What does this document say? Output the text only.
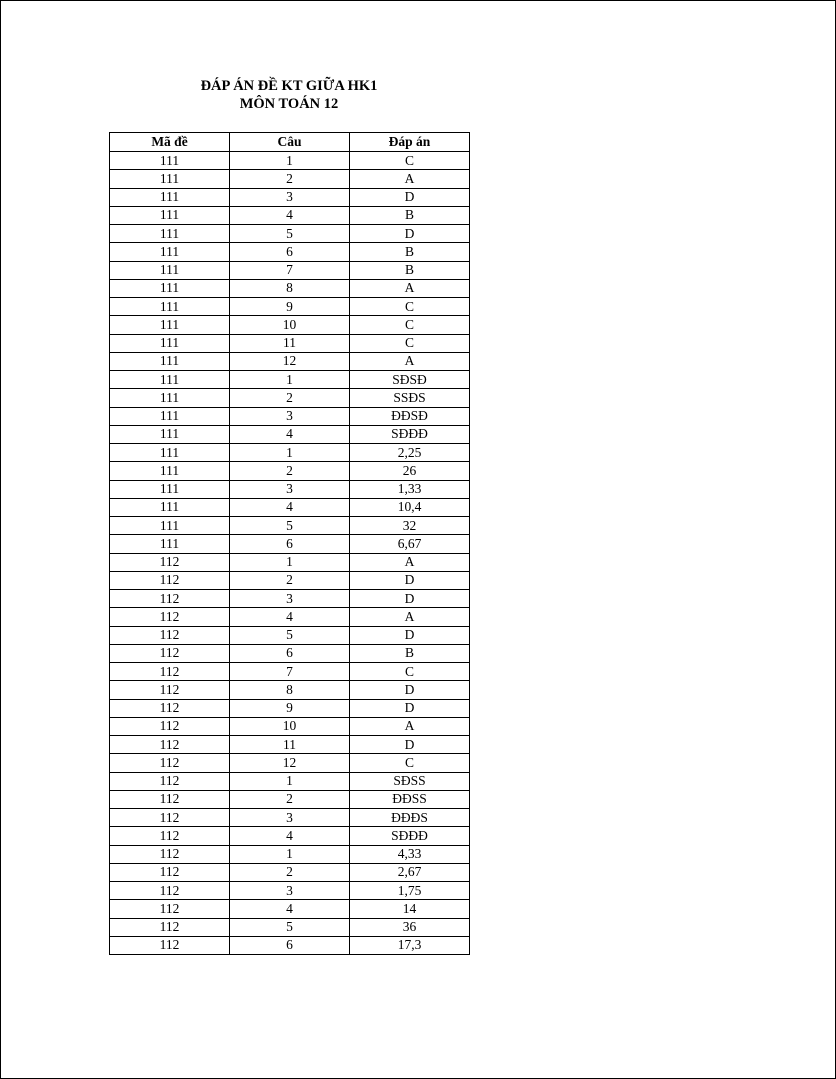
ĐÁP ÁN ĐỀ KT GIỮA HK1
MÔN TOÁN 12
Mã đề	Câu	Đáp án
111	1	C
111	2	A
111	3	D
111	4	B
111	5	D
111	6	B
111	7	B
111	8	A
111	9	C
111	10	C
111	11	C
111	12	A
111	1	SĐSĐ
111	2	SSĐS
111	3	ĐĐSĐ
111	4	SĐĐĐ
111	1	2,25
111	2	26
111	3	1,33
111	4	10,4
111	5	32
111	6	6,67
112	1	A
112	2	D
112	3	D
112	4	A
112	5	D
112	6	B
112	7	C
112	8	D
112	9	D
112	10	A
112	11	D
112	12	C
112	1	SĐSS
112	2	ĐĐSS
112	3	ĐĐĐS
112	4	SĐĐĐ
112	1	4,33
112	2	2,67
112	3	1,75
112	4	14
112	5	36
112	6	17,3
